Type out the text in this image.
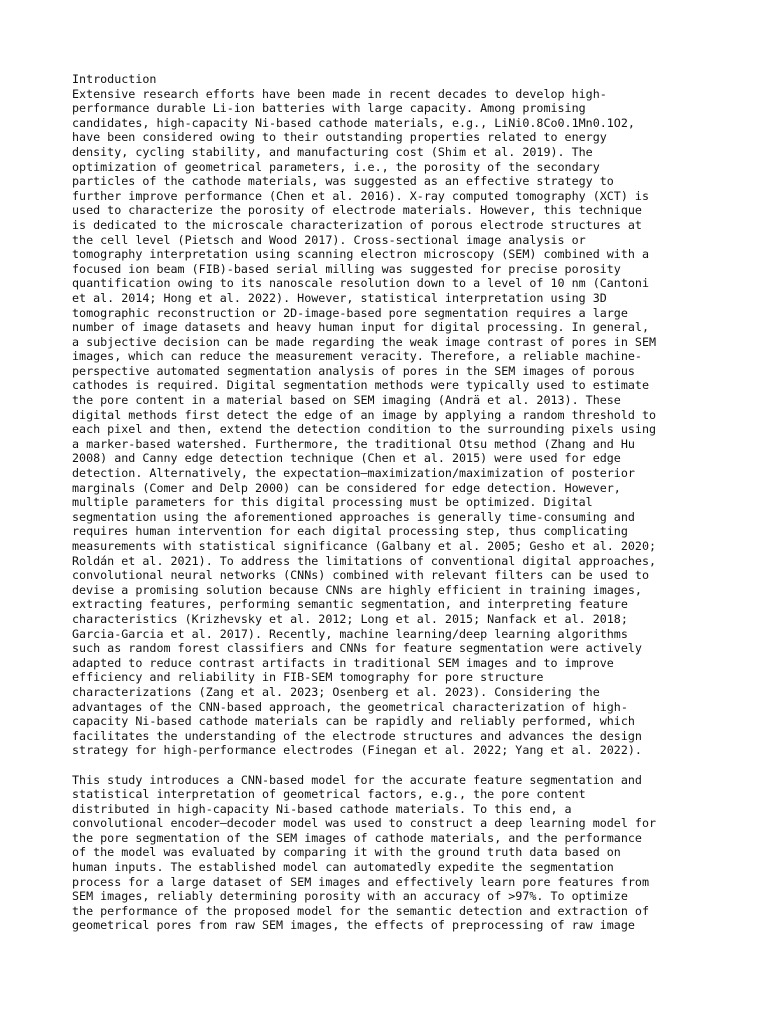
Introduction
Extensive research efforts have been made in recent decades to develop high-
performance durable Li-ion batteries with large capacity. Among promising
candidates, high-capacity Ni-based cathode materials, e.g., LiNi0.8Co0.1Mn0.1O2,
have been considered owing to their outstanding properties related to energy
density, cycling stability, and manufacturing cost (Shim et al. 2019). The
optimization of geometrical parameters, i.e., the porosity of the secondary
particles of the cathode materials, was suggested as an effective strategy to
further improve performance (Chen et al. 2016). X-ray computed tomography (XCT) is
used to characterize the porosity of electrode materials. However, this technique
is dedicated to the microscale characterization of porous electrode structures at
the cell level (Pietsch and Wood 2017). Cross-sectional image analysis or
tomography interpretation using scanning electron microscopy (SEM) combined with a
focused ion beam (FIB)-based serial milling was suggested for precise porosity
quantification owing to its nanoscale resolution down to a level of 10 nm (Cantoni
et al. 2014; Hong et al. 2022). However, statistical interpretation using 3D
tomographic reconstruction or 2D-image-based pore segmentation requires a large
number of image datasets and heavy human input for digital processing. In general,
a subjective decision can be made regarding the weak image contrast of pores in SEM
images, which can reduce the measurement veracity. Therefore, a reliable machine-
perspective automated segmentation analysis of pores in the SEM images of porous
cathodes is required. Digital segmentation methods were typically used to estimate
the pore content in a material based on SEM imaging (Andrä et al. 2013). These
digital methods first detect the edge of an image by applying a random threshold to
each pixel and then, extend the detection condition to the surrounding pixels using
a marker-based watershed. Furthermore, the traditional Otsu method (Zhang and Hu
2008) and Canny edge detection technique (Chen et al. 2015) were used for edge
detection. Alternatively, the expectation–maximization/maximization of posterior
marginals (Comer and Delp 2000) can be considered for edge detection. However,
multiple parameters for this digital processing must be optimized. Digital
segmentation using the aforementioned approaches is generally time-consuming and
requires human intervention for each digital processing step, thus complicating
measurements with statistical significance (Galbany et al. 2005; Gesho et al. 2020;
Roldán et al. 2021). To address the limitations of conventional digital approaches,
convolutional neural networks (CNNs) combined with relevant filters can be used to
devise a promising solution because CNNs are highly efficient in training images,
extracting features, performing semantic segmentation, and interpreting feature
characteristics (Krizhevsky et al. 2012; Long et al. 2015; Nanfack et al. 2018;
Garcia-Garcia et al. 2017). Recently, machine learning/deep learning algorithms
such as random forest classifiers and CNNs for feature segmentation were actively
adapted to reduce contrast artifacts in traditional SEM images and to improve
efficiency and reliability in FIB-SEM tomography for pore structure
characterizations (Zang et al. 2023; Osenberg et al. 2023). Considering the
advantages of the CNN-based approach, the geometrical characterization of high-
capacity Ni-based cathode materials can be rapidly and reliably performed, which
facilitates the understanding of the electrode structures and advances the design
strategy for high-performance electrodes (Finegan et al. 2022; Yang et al. 2022).
This study introduces a CNN-based model for the accurate feature segmentation and
statistical interpretation of geometrical factors, e.g., the pore content
distributed in high-capacity Ni-based cathode materials. To this end, a
convolutional encoder–decoder model was used to construct a deep learning model for
the pore segmentation of the SEM images of cathode materials, and the performance
of the model was evaluated by comparing it with the ground truth data based on
human inputs. The established model can automatedly expedite the segmentation
process for a large dataset of SEM images and effectively learn pore features from
SEM images, reliably determining porosity with an accuracy of >97%. To optimize
the performance of the proposed model for the semantic detection and extraction of
geometrical pores from raw SEM images, the effects of preprocessing of raw image
